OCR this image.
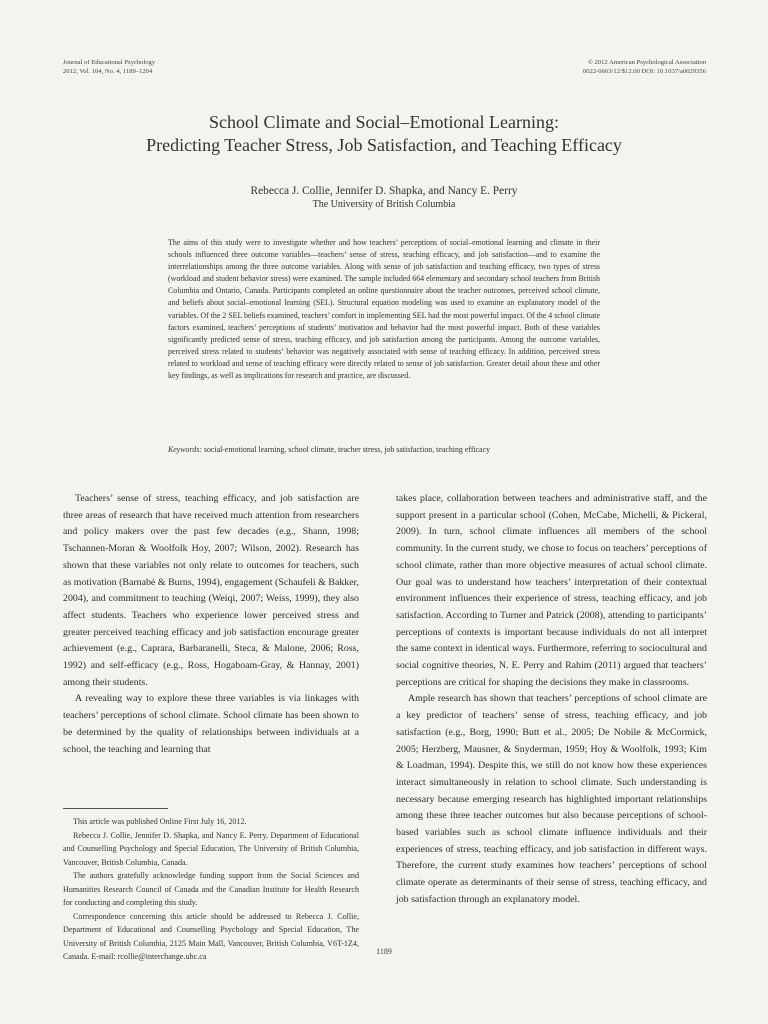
Journal of Educational Psychology
2012, Vol. 104, No. 4, 1189–1204
© 2012 American Psychological Association
0022-0663/12/$12.00 DOI: 10.1037/a0029356
School Climate and Social–Emotional Learning:
Predicting Teacher Stress, Job Satisfaction, and Teaching Efficacy
Rebecca J. Collie, Jennifer D. Shapka, and Nancy E. Perry
The University of British Columbia
The aims of this study were to investigate whether and how teachers’ perceptions of social–emotional learning and climate in their schools influenced three outcome variables—teachers’ sense of stress, teaching efficacy, and job satisfaction—and to examine the interrelationships among the three outcome variables. Along with sense of job satisfaction and teaching efficacy, two types of stress (workload and student behavior stress) were examined. The sample included 664 elementary and secondary school teachers from British Columbia and Ontario, Canada. Participants completed an online questionnaire about the teacher outcomes, perceived school climate, and beliefs about social–emotional learning (SEL). Structural equation modeling was used to examine an explanatory model of the variables. Of the 2 SEL beliefs examined, teachers’ comfort in implementing SEL had the most powerful impact. Of the 4 school climate factors examined, teachers’ perceptions of students’ motivation and behavior had the most powerful impact. Both of these variables significantly predicted sense of stress, teaching efficacy, and job satisfaction among the participants. Among the outcome variables, perceived stress related to students’ behavior was negatively associated with sense of teaching efficacy. In addition, perceived stress related to workload and sense of teaching efficacy were directly related to sense of job satisfaction. Greater detail about these and other key findings, as well as implications for research and practice, are discussed.
Keywords: social-emotional learning, school climate, teacher stress, job satisfaction, teaching efficacy

Teachers’ sense of stress, teaching efficacy, and job satisfaction are three areas of research that have received much attention from researchers and policy makers over the past few decades (e.g., Shann, 1998; Tschannen-Moran & Woolfolk Hoy, 2007; Wilson, 2002). Research has shown that these variables not only relate to outcomes for teachers, such as motivation (Barnabé & Burns, 1994), engagement (Schaufeli & Bakker, 2004), and commitment to teaching (Weiqi, 2007; Weiss, 1999), they also affect students. Teachers who experience lower perceived stress and greater perceived teaching efficacy and job satisfaction encourage greater achievement (e.g., Caprara, Barbaranelli, Steca, & Malone, 2006; Ross, 1992) and self-efficacy (e.g., Ross, Hogaboam-Gray, & Hannay, 2001) among their students.

A revealing way to explore these three variables is via linkages with teachers’ perceptions of school climate. School climate has been shown to be determined by the quality of relationships between individuals at a school, the teaching and learning that

This article was published Online First July 16, 2012.

Rebecca J. Collie, Jennifer D. Shapka, and Nancy E. Perry, Department of Educational and Counselling Psychology and Special Education, The University of British Columbia, Vancouver, British Columbia, Canada.

The authors gratefully acknowledge funding support from the Social Sciences and Humanities Research Council of Canada and the Canadian Institute for Health Research for conducting and completing this study.

Correspondence concerning this article should be addressed to Rebecca J. Collie, Department of Educational and Counselling Psychology and Special Education, The University of British Columbia, 2125 Main Mall, Vancouver, British Columbia, V6T-1Z4, Canada. E-mail: rcollie@interchange.ubc.ca

takes place, collaboration between teachers and administrative staff, and the support present in a particular school (Cohen, McCabe, Michelli, & Pickeral, 2009). In turn, school climate influences all members of the school community. In the current study, we chose to focus on teachers’ perceptions of school climate, rather than more objective measures of actual school climate. Our goal was to understand how teachers’ interpretation of their contextual environment influences their experience of stress, teaching efficacy, and job satisfaction. According to Turner and Patrick (2008), attending to participants’ perceptions of contexts is important because individuals do not all interpret the same context in identical ways. Furthermore, referring to sociocultural and social cognitive theories, N. E. Perry and Rahim (2011) argued that teachers’ perceptions are critical for shaping the decisions they make in classrooms.

Ample research has shown that teachers’ perceptions of school climate are a key predictor of teachers’ sense of stress, teaching efficacy, and job satisfaction (e.g., Borg, 1990; Butt et al., 2005; De Nobile & McCormick, 2005; Herzberg, Mausner, & Snyderman, 1959; Hoy & Woolfolk, 1993; Kim & Loadman, 1994). Despite this, we still do not know how these experiences interact simultaneously in relation to school climate. Such understanding is necessary because emerging research has highlighted important relationships among these three teacher outcomes but also because perceptions of school-based variables such as school climate influence individuals and their experiences of stress, teaching efficacy, and job satisfaction in different ways. Therefore, the current study examines how teachers’ perceptions of school climate operate as determinants of their sense of stress, teaching efficacy, and job satisfaction through an explanatory model.

1189
